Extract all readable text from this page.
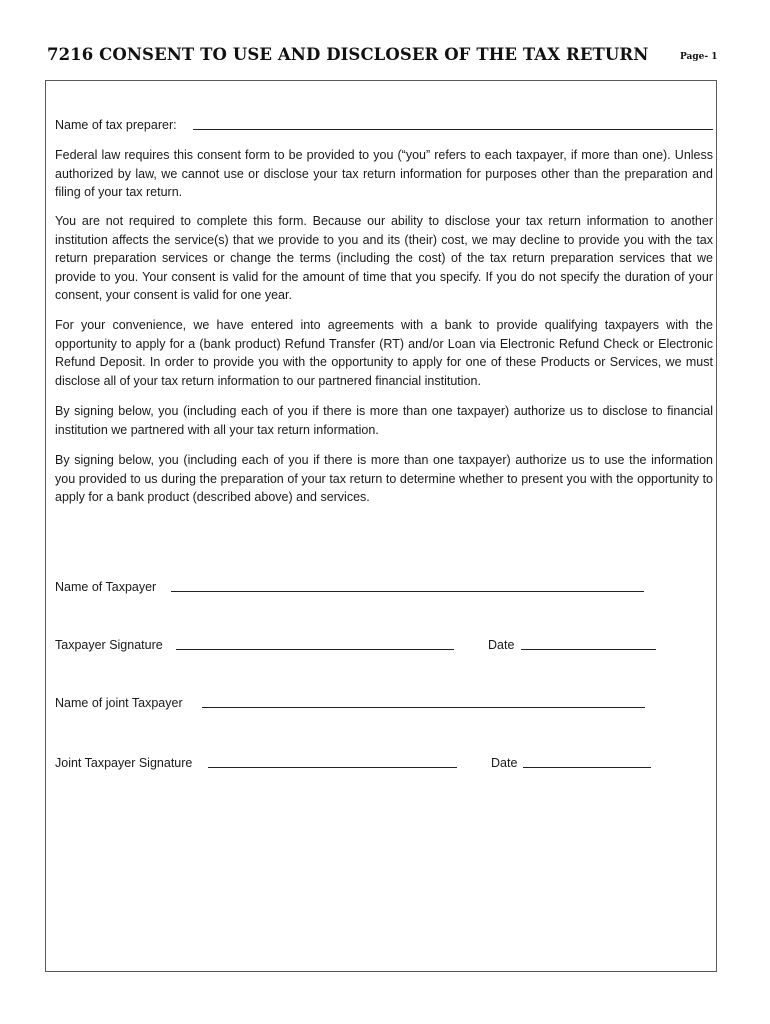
7216 CONSENT TO USE AND DISCLOSER OF THE TAX RETURN	Page- 1
Name of tax preparer:

Federal law requires this consent form to be provided to you (“you” refers to each taxpayer, if more than one). Unless authorized by law, we cannot use or disclose your tax return information for purposes other than the preparation and filing of your tax return.

You are not required to complete this form. Because our ability to disclose your tax return information to another institution affects the service(s) that we provide to you and its (their) cost, we may decline to provide you with the tax return preparation services or change the terms (including the cost) of the tax return preparation services that we provide to you. Your consent is valid for the amount of time that you specify. If you do not specify the duration of your consent, your consent is valid for one year.

For your convenience, we have entered into agreements with a bank to provide qualifying taxpayers with the opportunity to apply for a (bank product) Refund Transfer (RT) and/or Loan via Electronic Refund Check or Electronic Refund Deposit. In order to provide you with the opportunity to apply for one of these Products or Services, we must disclose all of your tax return information to our partnered financial institution.

By signing below, you (including each of you if there is more than one taxpayer) authorize us to disclose to financial institution we partnered with all your tax return information.

By signing below, you (including each of you if there is more than one taxpayer) authorize us to use the information you provided to us during the preparation of your tax return to determine whether to present you with the opportunity to apply for a bank product (described above) and services.

Name of Taxpayer
Taxpayer Signature	Date
Name of joint Taxpayer
Joint Taxpayer Signature	Date
